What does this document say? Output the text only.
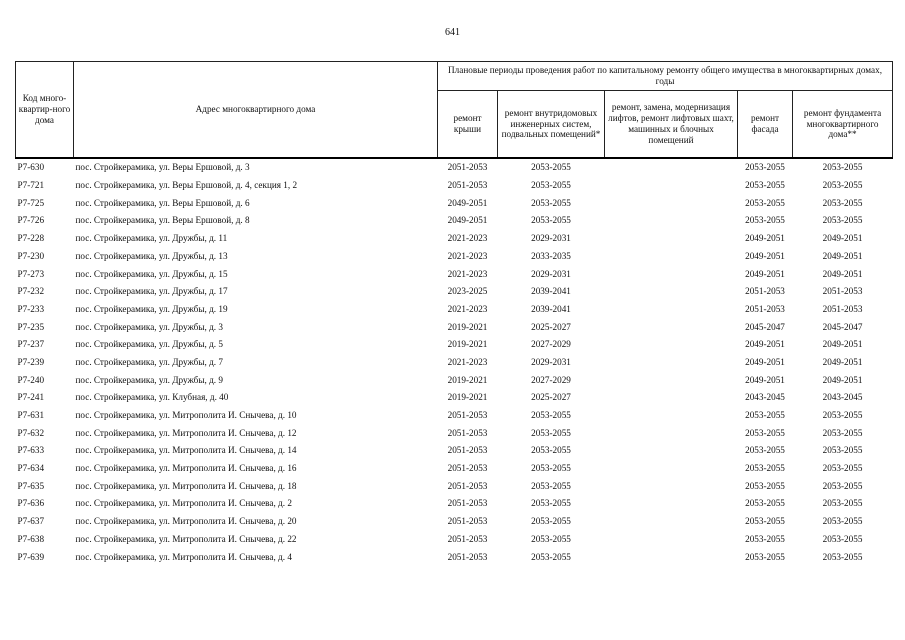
641
Код много-квартир-ного дома	Адрес многоквартирного дома	Плановые периоды проведения работ по капитальному ремонту общего имущества в многоквартирных домах, годы				
		ремонт крыши	ремонт внутридомовых инженерных систем, подвальных помещений*	ремонт, замена, модернизация лифтов, ремонт лифтовых шахт, машинных и блочных помещений	ремонт фасада	ремонт фундамента многоквартирного дома**
Р7-630	пос. Стройкерамика, ул. Веры Ершовой, д. 3	2051-2053	2053-2055		2053-2055	2053-2055
Р7-721	пос. Стройкерамика, ул. Веры Ершовой, д. 4, секция 1, 2	2051-2053	2053-2055		2053-2055	2053-2055
Р7-725	пос. Стройкерамика, ул. Веры Ершовой, д. 6	2049-2051	2053-2055		2053-2055	2053-2055
Р7-726	пос. Стройкерамика, ул. Веры Ершовой, д. 8	2049-2051	2053-2055		2053-2055	2053-2055
Р7-228	пос. Стройкерамика, ул. Дружбы, д. 11	2021-2023	2029-2031		2049-2051	2049-2051
Р7-230	пос. Стройкерамика, ул. Дружбы, д. 13	2021-2023	2033-2035		2049-2051	2049-2051
Р7-273	пос. Стройкерамика, ул. Дружбы, д. 15	2021-2023	2029-2031		2049-2051	2049-2051
Р7-232	пос. Стройкерамика, ул. Дружбы, д. 17	2023-2025	2039-2041		2051-2053	2051-2053
Р7-233	пос. Стройкерамика, ул. Дружбы, д. 19	2021-2023	2039-2041		2051-2053	2051-2053
Р7-235	пос. Стройкерамика, ул. Дружбы, д. 3	2019-2021	2025-2027		2045-2047	2045-2047
Р7-237	пос. Стройкерамика, ул. Дружбы, д. 5	2019-2021	2027-2029		2049-2051	2049-2051
Р7-239	пос. Стройкерамика, ул. Дружбы, д. 7	2021-2023	2029-2031		2049-2051	2049-2051
Р7-240	пос. Стройкерамика, ул. Дружбы, д. 9	2019-2021	2027-2029		2049-2051	2049-2051
Р7-241	пос. Стройкерамика, ул. Клубная, д. 40	2019-2021	2025-2027		2043-2045	2043-2045
Р7-631	пос. Стройкерамика, ул. Митрополита И. Снычева, д. 10	2051-2053	2053-2055		2053-2055	2053-2055
Р7-632	пос. Стройкерамика, ул. Митрополита И. Снычева, д. 12	2051-2053	2053-2055		2053-2055	2053-2055
Р7-633	пос. Стройкерамика, ул. Митрополита И. Снычева, д. 14	2051-2053	2053-2055		2053-2055	2053-2055
Р7-634	пос. Стройкерамика, ул. Митрополита И. Снычева, д. 16	2051-2053	2053-2055		2053-2055	2053-2055
Р7-635	пос. Стройкерамика, ул. Митрополита И. Снычева, д. 18	2051-2053	2053-2055		2053-2055	2053-2055
Р7-636	пос. Стройкерамика, ул. Митрополита И. Снычева, д. 2	2051-2053	2053-2055		2053-2055	2053-2055
Р7-637	пос. Стройкерамика, ул. Митрополита И. Снычева, д. 20	2051-2053	2053-2055		2053-2055	2053-2055
Р7-638	пос. Стройкерамика, ул. Митрополита И. Снычева, д. 22	2051-2053	2053-2055		2053-2055	2053-2055
Р7-639	пос. Стройкерамика, ул. Митрополита И. Снычева, д. 4	2051-2053	2053-2055		2053-2055	2053-2055
